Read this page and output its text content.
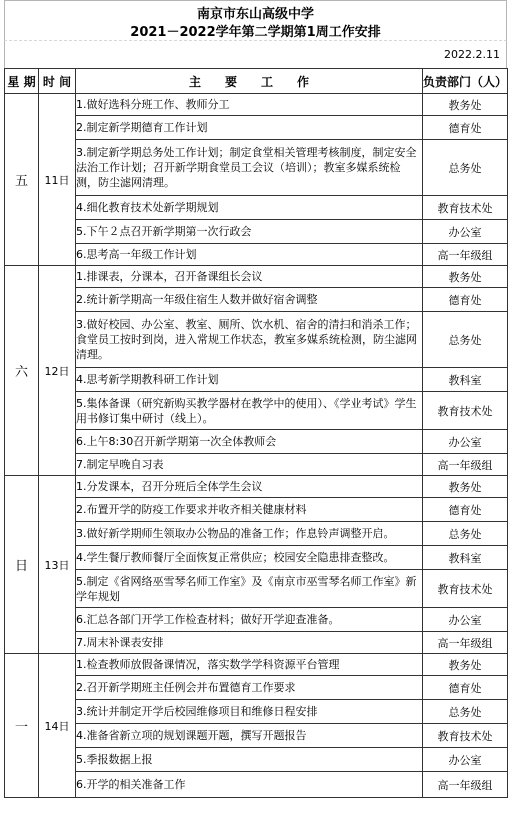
南京市东山高级中学
2021－2022学年第二学期第1周工作安排
2022.2.11
星 期	时 间	主　　要　　工　　作	负责部门（人）
五	11日	1.做好选科分班工作、教师分工	教务处
		2.制定新学期德育工作计划	德育处
		3.制定新学期总务处工作计划；制定食堂相关管理考核制度，制定安全法治工作计划；召开新学期食堂员工会议（培训）；教室多媒系统检测，防尘滤网清理。	总务处
		4.细化教育技术处新学期规划	教育技术处
		5.下午２点召开新学期第一次行政会	办公室
		6.思考高一年级工作计划	高一年级组
六	12日	1.排课表，分课本，召开备课组长会议	教务处
		2.统计新学期高一年级住宿生人数并做好宿舍调整	德育处
		3.做好校园、办公室、教室、厕所、饮水机、宿舍的清扫和消杀工作；食堂员工按时到岗，进入常规工作状态，教室多媒系统检测，防尘滤网清理。	总务处
		4.思考新学期教科研工作计划	教科室
		5.集体备课（研究新购买教学器材在教学中的使用）、《学业考试》学生用书修订集中研讨（线上）。	教育技术处
		6.上午8:30召开新学期第一次全体教师会	办公室
		7.制定早晚自习表	高一年级组
日	13日	1.分发课本，召开分班后全体学生会议	教务处
		2.布置开学的防疫工作要求并收齐相关健康材料	德育处
		3.做好新学期师生领取办公物品的准备工作；作息铃声调整开启。	总务处
		4.学生餐厅教师餐厅全面恢复正常供应；校园安全隐患排查整改。	教科室
		5.制定《省网络巫雪琴名师工作室》及《南京市巫雪琴名师工作室》新学年规划	教育技术处
		6.汇总各部门开学工作检查材料；做好开学迎查准备。	办公室
		7.周末补课表安排	高一年级组
一	14日	1.检查教师放假备课情况，落实数学学科资源平台管理	教务处
		2.召开新学期班主任例会并布置德育工作要求	德育处
		3.统计并制定开学后校园维修项目和维修日程安排	总务处
		4.准备省新立项的规划课题开题，撰写开题报告	教育技术处
		5.季报数据上报	办公室
		6.开学的相关准备工作	高一年级组
